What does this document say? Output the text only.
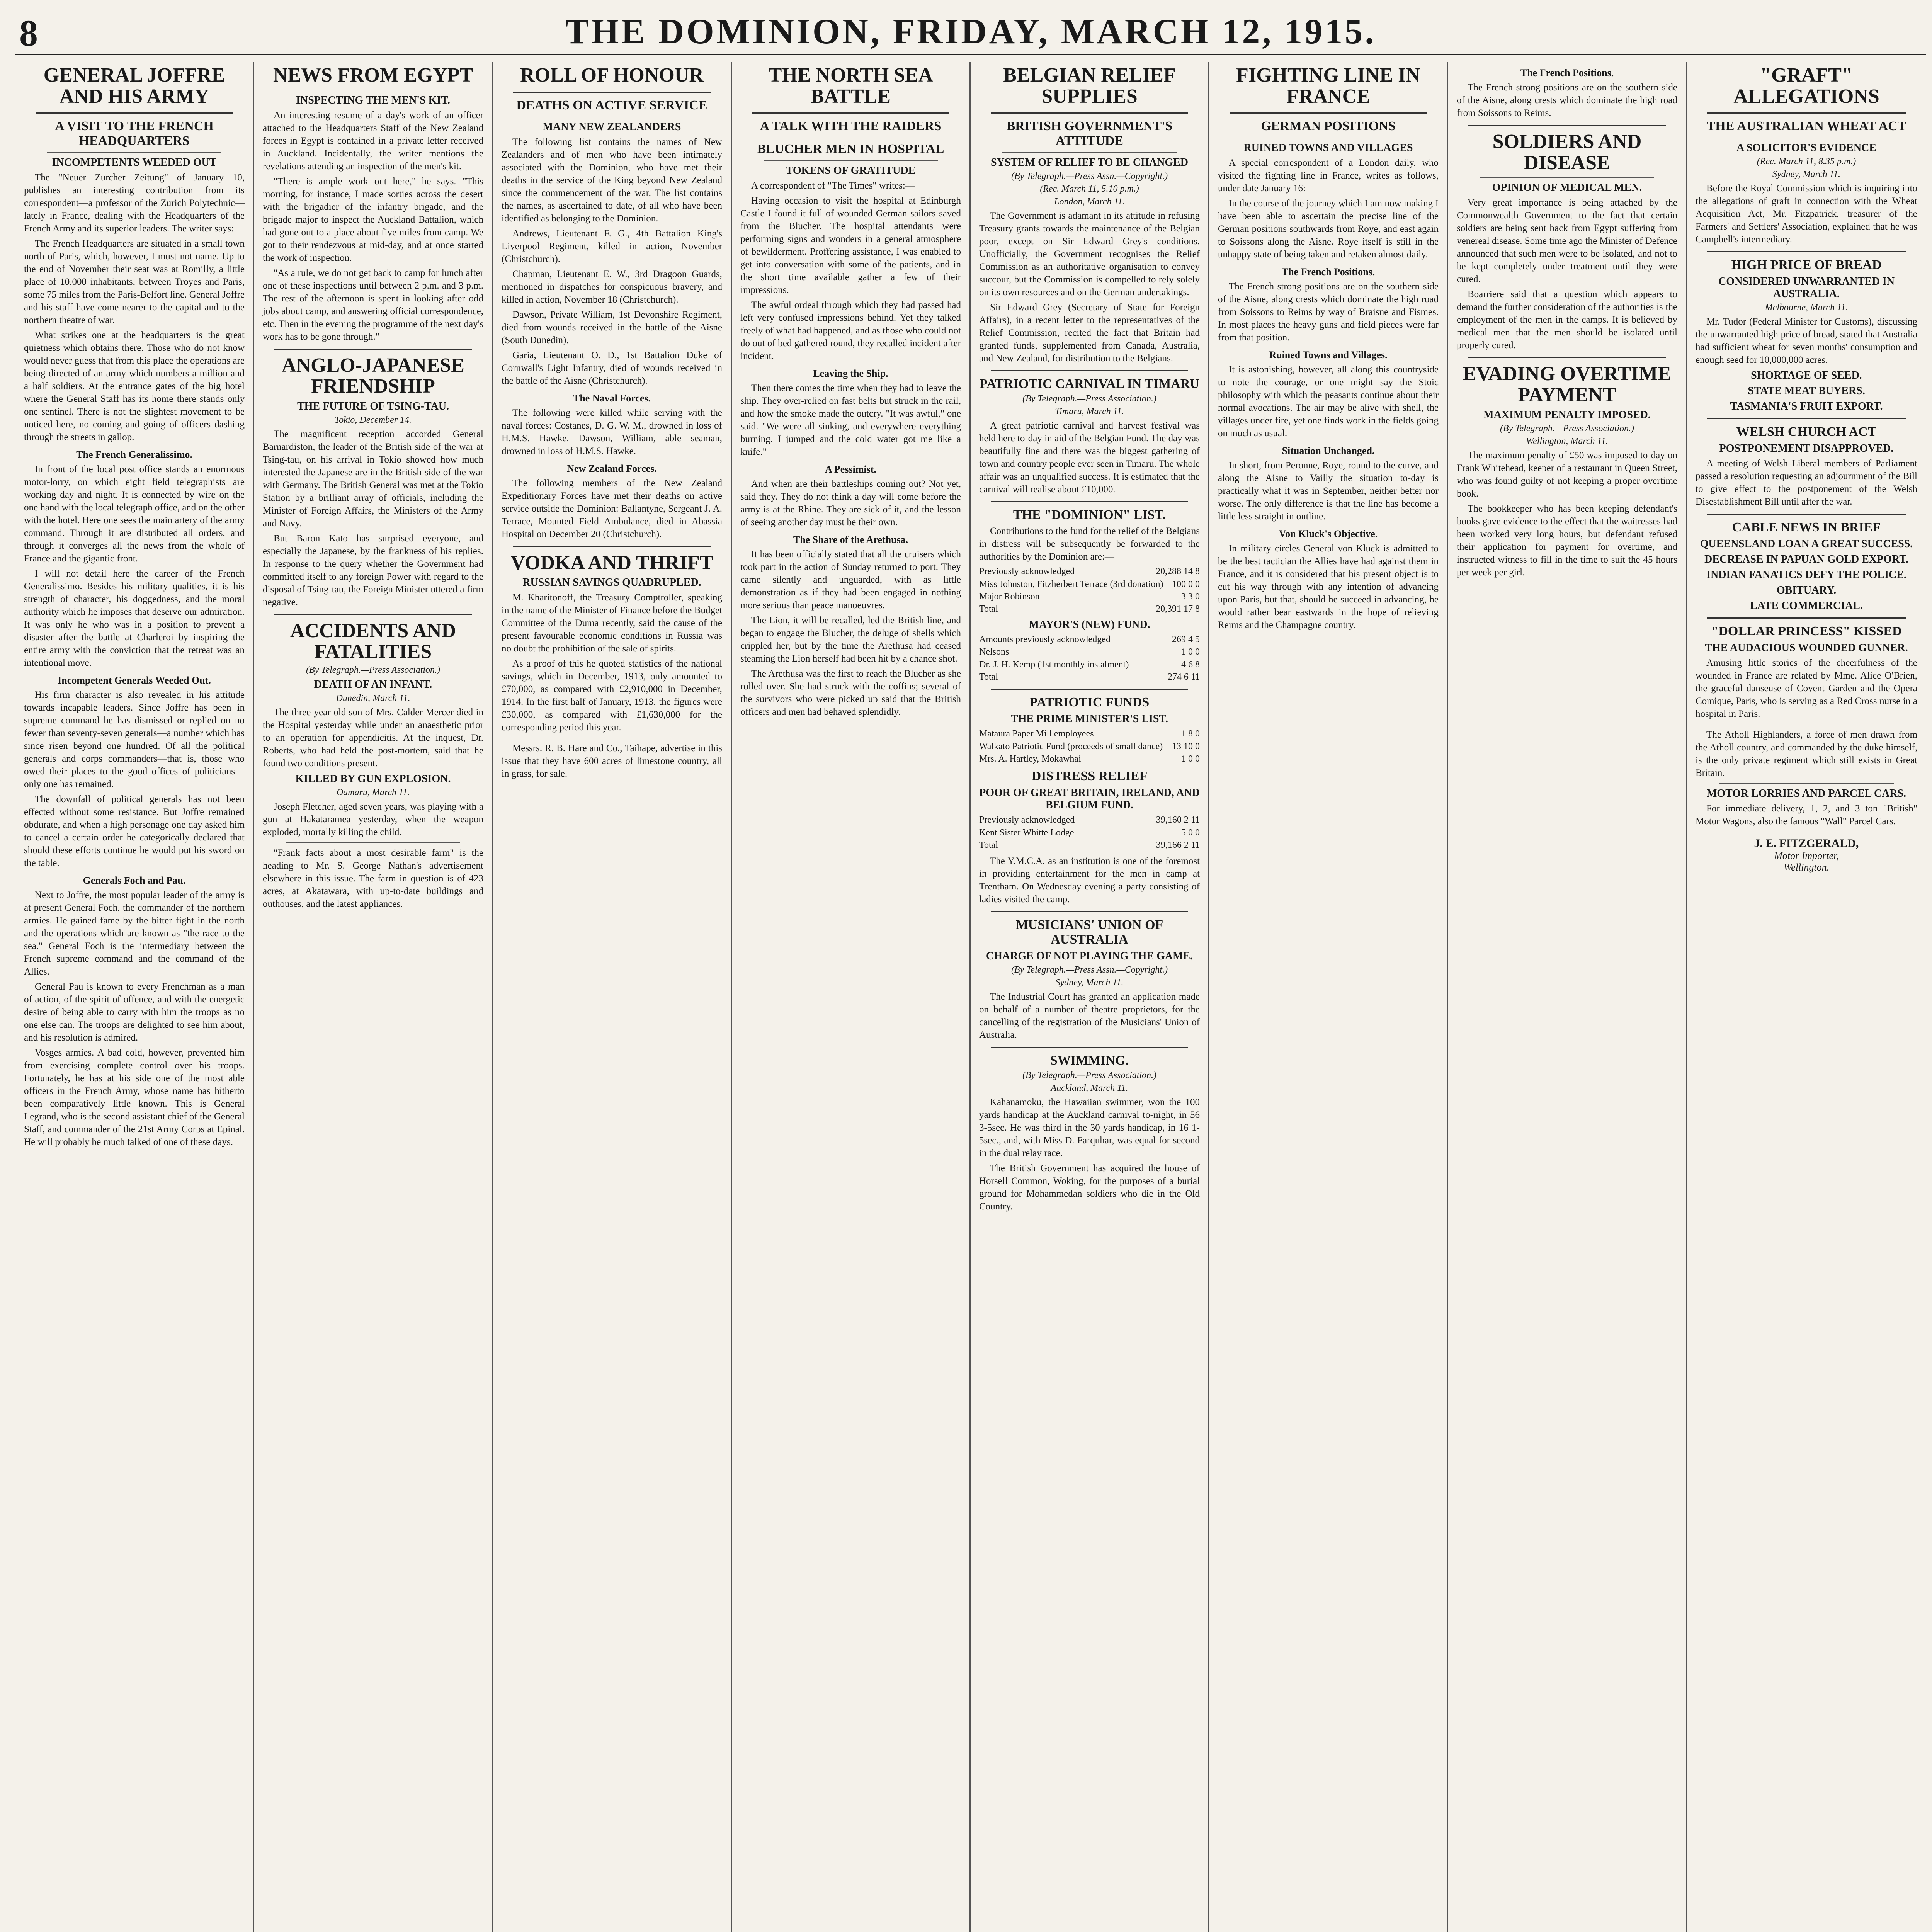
8	THE DOMINION, FRIDAY, MARCH 12, 1915.
GENERAL JOFFRE AND HIS ARMY
A VISIT TO THE FRENCH HEADQUARTERS
INCOMPETENTS WEEDED OUT

The "Neuer Zurcher Zeitung" of January 10, publishes an interesting contribution from its correspondent—a professor of the Zurich Polytechnic—lately in France, dealing with the Headquarters of the French Army and its superior leaders. The writer says:

The French Headquarters are situated in a small town north of Paris, which, however, I must not name. Up to the end of November their seat was at Romilly, a little place of 10,000 inhabitants, between Troyes and Paris, some 75 miles from the Paris-Belfort line. General Joffre and his staff have come nearer to the capital and to the northern theatre of war.

What strikes one at the headquarters is the great quietness which obtains there. Those who do not know would never guess that from this place the operations are being directed of an army which numbers a million and a half soldiers. At the entrance gates of the big hotel where the General Staff has its home there stands only one sentinel. There is not the slightest movement to be noticed here, no coming and going of officers dashing through the streets in gallop.

The French Generalissimo.

In front of the local post office stands an enormous motor-lorry, on which eight field telegraphists are working day and night. It is connected by wire on the one hand with the local telegraph office, and on the other with the hotel. Here one sees the main artery of the army command. Through it are distributed all orders, and through it converges all the news from the whole of France and the gigantic front.

I will not detail here the career of the French Generalissimo. Besides his military qualities, it is his strength of character, his doggedness, and the moral authority which he imposes that deserve our admiration. It was only he who was in a position to prevent a disaster after the battle at Charleroi by inspiring the entire army with the conviction that the retreat was an intentional move.

Incompetent Generals Weeded Out.

His firm character is also revealed in his attitude towards incapable leaders. Since Joffre has been in supreme command he has dismissed or replied on no fewer than seventy-seven generals—a number which has since risen beyond one hundred. Of all the political generals and corps commanders—that is, those who owed their places to the good offices of politicians—only one has remained.

The downfall of political generals has not been effected without some resistance. But Joffre remained obdurate, and when a high personage one day asked him to cancel a certain order he categorically declared that should these efforts continue he would put his sword on the table.

Generals Foch and Pau.

Next to Joffre, the most popular leader of the army is at present General Foch, the commander of the northern armies. He gained fame by the bitter fight in the north and the operations which are known as "the race to the sea." General Foch is the intermediary between the French supreme command and the command of the Allies.

General Pau is known to every Frenchman as a man of action, of the spirit of offence, and with the energetic desire of being able to carry with him the troops as no one else can. The troops are delighted to see him about, and his resolution is admired.

Vosges armies. A bad cold, however, prevented him from exercising complete control over his troops. Fortunately, he has at his side one of the most able officers in the French Army, whose name has hitherto been comparatively little known. This is General Legrand, who is the second assistant chief of the General Staff, and commander of the 21st Army Corps at Epinal. He will probably be much talked of one of these days.

NEWS FROM EGYPT
INSPECTING THE MEN'S KIT.

An interesting resume of a day's work of an officer attached to the Headquarters Staff of the New Zealand forces in Egypt is contained in a private letter received in Auckland. Incidentally, the writer mentions the revelations attending an inspection of the men's kit.

"There is ample work out here," he says. "This morning, for instance, I made sorties across the desert with the brigadier of the infantry brigade, and the brigade major to inspect the Auckland Battalion, which had gone out to a place about five miles from camp. We got to their rendezvous at mid-day, and at once started the work of inspection.

"As a rule, we do not get back to camp for lunch after one of these inspections until between 2 p.m. and 3 p.m. The rest of the afternoon is spent in looking after odd jobs about camp, and answering official correspondence, etc. Then in the evening the programme of the next day's work has to be gone through."

ANGLO-JAPANESE FRIENDSHIP
THE FUTURE OF TSING-TAU.
Tokio, December 14.

The magnificent reception accorded General Barnardiston, the leader of the British side of the war at Tsing-tau, on his arrival in Tokio showed how much interested the Japanese are in the British side of the war with Germany. The British General was met at the Tokio Station by a brilliant array of officials, including the Minister of Foreign Affairs, the Ministers of the Army and Navy.

But Baron Kato has surprised everyone, and especially the Japanese, by the frankness of his replies. In response to the query whether the Government had committed itself to any foreign Power with regard to the disposal of Tsing-tau, the Foreign Minister uttered a firm negative.

ACCIDENTS AND FATALITIES
(By Telegraph.—Press Association.)
DEATH OF AN INFANT.
Dunedin, March 11.

The three-year-old son of Mrs. Calder-Mercer died in the Hospital yesterday while under an anaesthetic prior to an operation for appendicitis. At the inquest, Dr. Roberts, who had held the post-mortem, said that he found two conditions present.

KILLED BY GUN EXPLOSION.
Oamaru, March 11.

Joseph Fletcher, aged seven years, was playing with a gun at Hakataramea yesterday, when the weapon exploded, mortally killing the child.

"Frank facts about a most desirable farm" is the heading to Mr. S. George Nathan's advertisement elsewhere in this issue. The farm in question is of 423 acres, at Akatawara, with up-to-date buildings and outhouses, and the latest appliances.

ROLL OF HONOUR
DEATHS ON ACTIVE SERVICE
MANY NEW ZEALANDERS

The following list contains the names of New Zealanders and of men who have been intimately associated with the Dominion, who have met their deaths in the service of the King beyond New Zealand since the commencement of the war. The list contains the names, as ascertained to date, of all who have been identified as belonging to the Dominion.

Andrews, Lieutenant F. G., 4th Battalion King's Liverpool Regiment, killed in action, November (Christchurch).

Chapman, Lieutenant E. W., 3rd Dragoon Guards, mentioned in dispatches for conspicuous bravery, and killed in action, November 18 (Christchurch).

Dawson, Private William, 1st Devonshire Regiment, died from wounds received in the battle of the Aisne (South Dunedin).

Garia, Lieutenant O. D., 1st Battalion Duke of Cornwall's Light Infantry, died of wounds received in the battle of the Aisne (Christchurch).

The Naval Forces.

The following were killed while serving with the naval forces: Costanes, D. G. W. M., drowned in loss of H.M.S. Hawke. Dawson, William, able seaman, drowned in loss of H.M.S. Hawke.

New Zealand Forces.

The following members of the New Zealand Expeditionary Forces have met their deaths on active service outside the Dominion: Ballantyne, Sergeant J. A. Terrace, Mounted Field Ambulance, died in Abassia Hospital on December 20 (Christchurch).

VODKA AND THRIFT
RUSSIAN SAVINGS QUADRUPLED.

M. Kharitonoff, the Treasury Comptroller, speaking in the name of the Minister of Finance before the Budget Committee of the Duma recently, said the cause of the present favourable economic conditions in Russia was no doubt the prohibition of the sale of spirits.

As a proof of this he quoted statistics of the national savings, which in December, 1913, only amounted to £70,000, as compared with £2,910,000 in December, 1914. In the first half of January, 1913, the figures were £30,000, as compared with £1,630,000 for the corresponding period this year.

Messrs. R. B. Hare and Co., Taihape, advertise in this issue that they have 600 acres of limestone country, all in grass, for sale.

THE NORTH SEA BATTLE
A TALK WITH THE RAIDERS
BLUCHER MEN IN HOSPITAL
TOKENS OF GRATITUDE

A correspondent of "The Times" writes:—

Having occasion to visit the hospital at Edinburgh Castle I found it full of wounded German sailors saved from the Blucher. The hospital attendants were performing signs and wonders in a general atmosphere of bewilderment. Proffering assistance, I was enabled to get into conversation with some of the patients, and in the short time available gather a few of their impressions.

The awful ordeal through which they had passed had left very confused impressions behind. Yet they talked freely of what had happened, and as those who could not do out of bed gathered round, they recalled incident after incident.

Leaving the Ship.

Then there comes the time when they had to leave the ship. They over-relied on fast belts but struck in the rail, and how the smoke made the outcry. "It was awful," one said. "We were all sinking, and everywhere everything burning. I jumped and the cold water got me like a knife."

A Pessimist.

And when are their battleships coming out? Not yet, said they. They do not think a day will come before the army is at the Rhine. They are sick of it, and the lesson of seeing another day must be their own.

The Share of the Arethusa.

It has been officially stated that all the cruisers which took part in the action of Sunday returned to port. They came silently and unguarded, with as little demonstration as if they had been engaged in nothing more serious than peace manoeuvres.

The Lion, it will be recalled, led the British line, and began to engage the Blucher, the deluge of shells which crippled her, but by the time the Arethusa had ceased steaming the Lion herself had been hit by a chance shot.

The Arethusa was the first to reach the Blucher as she rolled over. She had struck with the coffins; several of the survivors who were picked up said that the British officers and men had behaved splendidly.

BELGIAN RELIEF SUPPLIES
BRITISH GOVERNMENT'S ATTITUDE
SYSTEM OF RELIEF TO BE CHANGED
(By Telegraph.—Press Assn.—Copyright.)
(Rec. March 11, 5.10 p.m.)
London, March 11.

The Government is adamant in its attitude in refusing Treasury grants towards the maintenance of the Belgian poor, except on Sir Edward Grey's conditions. Unofficially, the Government recognises the Relief Commission as an authoritative organisation to convey succour, but the Commission is compelled to rely solely on its own resources and on the German undertakings.

Sir Edward Grey (Secretary of State for Foreign Affairs), in a recent letter to the representatives of the Relief Commission, recited the fact that Britain had granted funds, supplemented from Canada, Australia, and New Zealand, for distribution to the Belgians.

PATRIOTIC CARNIVAL IN TIMARU
(By Telegraph.—Press Association.)
Timaru, March 11.

A great patriotic carnival and harvest festival was held here to-day in aid of the Belgian Fund. The day was beautifully fine and there was the biggest gathering of town and country people ever seen in Timaru. The whole affair was an unqualified success. It is estimated that the carnival will realise about £10,000.

THE "DOMINION" LIST.

Contributions to the fund for the relief of the Belgians in distress will be subsequently be forwarded to the authorities by the Dominion are:—

Previously acknowledged	20,288 14 8
Miss Johnston, Fitzherbert Terrace (3rd donation) 100 0 0
Major Robinson	3 3 0
Total	20,391 17 8
MAYOR'S (NEW) FUND.
Amounts previously acknowledged	269 4 5
Nelsons	1 0 0
Dr. J. H. Kemp (1st monthly instalment)	4 6 8
Total	274 6 11
PATRIOTIC FUNDS
THE PRIME MINISTER'S LIST.
Mataura Paper Mill employees	1 8 0
Walkato Patriotic Fund (proceeds of small dance) 13 10 0
Mrs. A. Hartley, Mokawhai	1 0 0
DISTRESS RELIEF
POOR OF GREAT BRITAIN, IRELAND, AND BELGIUM FUND.
Previously acknowledged	39,160 2 11
Kent Sister Whitte Lodge	5 0 0
Total	39,166 2 11

The Y.M.C.A. as an institution is one of the foremost in providing entertainment for the men in camp at Trentham. On Wednesday evening a party consisting of ladies visited the camp.

MUSICIANS' UNION OF AUSTRALIA
CHARGE OF NOT PLAYING THE GAME.
(By Telegraph.—Press Assn.—Copyright.)
Sydney, March 11.

The Industrial Court has granted an application made on behalf of a number of theatre proprietors, for the cancelling of the registration of the Musicians' Union of Australia.

SWIMMING.
(By Telegraph.—Press Association.)
Auckland, March 11.

Kahanamoku, the Hawaiian swimmer, won the 100 yards handicap at the Auckland carnival to-night, in 56 3-5sec. He was third in the 30 yards handicap, in 16 1-5sec., and, with Miss D. Farquhar, was equal for second in the dual relay race.

The British Government has acquired the house of Horsell Common, Woking, for the purposes of a burial ground for Mohammedan soldiers who die in the Old Country.

FIGHTING LINE IN FRANCE
GERMAN POSITIONS
RUINED TOWNS AND VILLAGES

A special correspondent of a London daily, who visited the fighting line in France, writes as follows, under date January 16:—

In the course of the journey which I am now making I have been able to ascertain the precise line of the German positions southwards from Roye, and east again to Soissons along the Aisne. Roye itself is still in the unhappy state of being taken and retaken almost daily.

The French Positions.

The French strong positions are on the southern side of the Aisne, along crests which dominate the high road from Soissons to Reims by way of Braisne and Fismes. In most places the heavy guns and field pieces were far from that position.

Ruined Towns and Villages.

It is astonishing, however, all along this countryside to note the courage, or one might say the Stoic philosophy with which the peasants continue about their normal avocations. The air may be alive with shell, the villages under fire, yet one finds work in the fields going on much as usual.

Situation Unchanged.

In short, from Peronne, Roye, round to the curve, and along the Aisne to Vailly the situation to-day is practically what it was in September, neither better nor worse. The only difference is that the line has become a little less straight in outline.

Von Kluck's Objective.

In military circles General von Kluck is admitted to be the best tactician the Allies have had against them in France, and it is considered that his present object is to cut his way through with any intention of advancing upon Paris, but that, should he succeed in advancing, he would rather bear eastwards in the hope of relieving Reims and the Champagne country.

The French Positions.

The French strong positions are on the southern side of the Aisne, along crests which dominate the high road from Soissons to Reims.

SOLDIERS AND DISEASE
OPINION OF MEDICAL MEN.

Very great importance is being attached by the Commonwealth Government to the fact that certain soldiers are being sent back from Egypt suffering from venereal disease. Some time ago the Minister of Defence announced that such men were to be isolated, and not to be kept completely under treatment until they were cured.

Boarriere said that a question which appears to demand the further consideration of the authorities is the employment of the men in the camps. It is believed by medical men that the men should be isolated until properly cured.

EVADING OVERTIME PAYMENT
MAXIMUM PENALTY IMPOSED.
(By Telegraph.—Press Association.)
Wellington, March 11.

The maximum penalty of £50 was imposed to-day on Frank Whitehead, keeper of a restaurant in Queen Street, who was found guilty of not keeping a proper overtime book.

The bookkeeper who has been keeping defendant's books gave evidence to the effect that the waitresses had been worked very long hours, but defendant refused their application for payment for overtime, and instructed witness to fill in the time to suit the 45 hours per week per girl.

"GRAFT" ALLEGATIONS
THE AUSTRALIAN WHEAT ACT
A SOLICITOR'S EVIDENCE
(Rec. March 11, 8.35 p.m.)
Sydney, March 11.

Before the Royal Commission which is inquiring into the allegations of graft in connection with the Wheat Acquisition Act, Mr. Fitzpatrick, treasurer of the Farmers' and Settlers' Association, explained that he was Campbell's intermediary.

HIGH PRICE OF BREAD
CONSIDERED UNWARRANTED IN AUSTRALIA.
Melbourne, March 11.

Mr. Tudor (Federal Minister for Customs), discussing the unwarranted high price of bread, stated that Australia had sufficient wheat for seven months' consumption and enough seed for 10,000,000 acres.

SHORTAGE OF SEED.
STATE MEAT BUYERS.
TASMANIA'S FRUIT EXPORT.
WELSH CHURCH ACT
POSTPONEMENT DISAPPROVED.

A meeting of Welsh Liberal members of Parliament passed a resolution requesting an adjournment of the Bill to give effect to the postponement of the Welsh Disestablishment Bill until after the war.

CABLE NEWS IN BRIEF
QUEENSLAND LOAN A GREAT SUCCESS.
DECREASE IN PAPUAN GOLD EXPORT.
INDIAN FANATICS DEFY THE POLICE.
OBITUARY.
LATE COMMERCIAL.
"DOLLAR PRINCESS" KISSED
THE AUDACIOUS WOUNDED GUNNER.

Amusing little stories of the cheerfulness of the wounded in France are related by Mme. Alice O'Brien, the graceful danseuse of Covent Garden and the Opera Comique, Paris, who is serving as a Red Cross nurse in a hospital in Paris.

The Atholl Highlanders, a force of men drawn from the Atholl country, and commanded by the duke himself, is the only private regiment which still exists in Great Britain.

MOTOR LORRIES AND PARCEL CARS.

For immediate delivery, 1, 2, and 3 ton "British" Motor Wagons, also the famous "Wall" Parcel Cars.

J. E. FITZGERALD,
Motor Importer,
Wellington.
